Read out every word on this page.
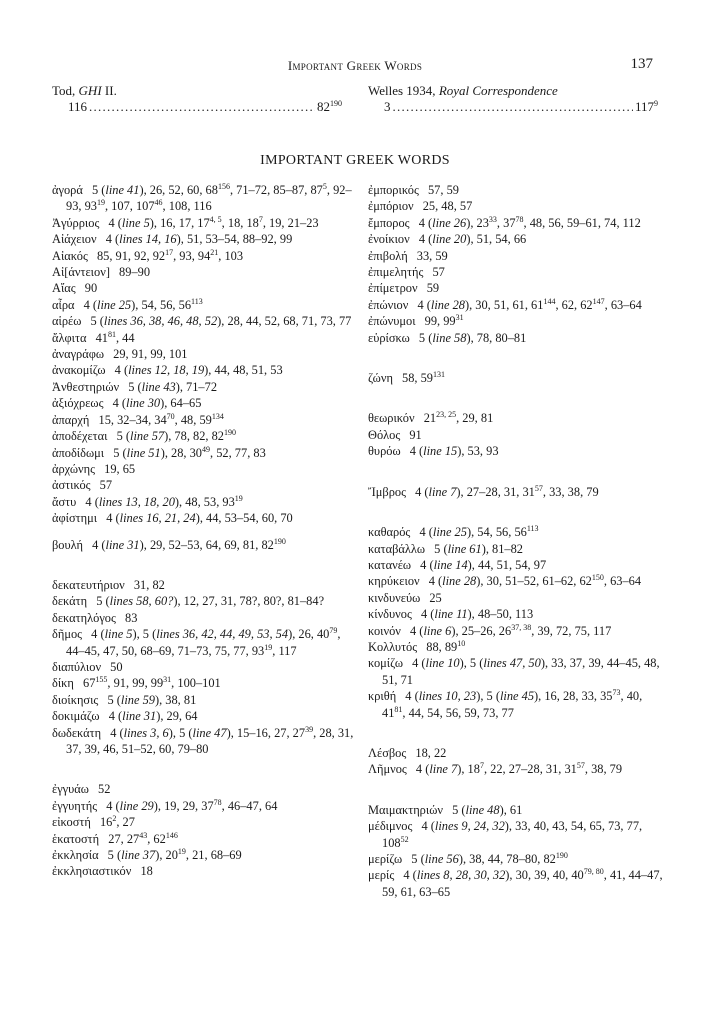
Important Greek Words	137
Tod, GHI II.
116 . . .	$82^{190}$
Welles 1934, Royal Correspondence
3 . . .	$117^9$
IMPORTANT GREEK WORDS

ἀγορά 5 (line 41), 26, 52, 60, $68^{156}$, 71–72, 85–87, $87^5$, 92–93, $93^{19}$, 107, $107^{46}$, 108, 116

Ἀγύρριος 4 (line 5), 16, 17, 17$^{4, 5}$, 18, $18^7$, 19, 21–23

Αἰάχειον 4 (lines 14, 16), 51, 53–54, 88–92, 99

Αἰακός 85, 91, 92, $92^{17}$, 93, $94^{21}$, 103

Αἰ[άντειον] 89–90

Αἴας 90

αἶρα 4 (line 25), 54, 56, $56^{113}$

αἱρέω 5 (lines 36, 38, 46, 48, 52), 28, 44, 52, 68, 71, 73, 77

ἄλφιτα $41^{81}$, 44

ἀναγράφω 29, 91, 99, 101

ἀνακομίζω 4 (lines 12, 18, 19), 44, 48, 51, 53

Ἀνθεστηριών 5 (line 43), 71–72

ἀξιόχρεως 4 (line 30), 64–65

ἀπαρχή 15, 32–34, $34^{70}$, 48, $59^{134}$

ἀποδέχεται 5 (line 57), 78, 82, $82^{190}$

ἀποδίδωμι 5 (line 51), 28, $30^{49}$, 52, 77, 83

ἀρχώνης 19, 65

ἀστικός 57

ἄστυ 4 (lines 13, 18, 20), 48, 53, $93^{19}$

ἀφίστημι 4 (lines 16, 21, 24), 44, 53–54, 60, 70

βουλή 4 (line 31), 29, 52–53, 64, 69, 81, $82^{190}$

δεκατευτήριον 31, 82

δεκάτη 5 (lines 58, 60?), 12, 27, 31, 78?, 80?, 81–84?

δεκατηλόγος 83

δῆμος 4 (line 5), 5 (lines 36, 42, 44, 49, 53, 54), 26, $40^{79}$, 44–45, 47, 50, 68–69, 71–73, 75, 77, $93^{19}$, 117

διαπύλιον 50

δίκη $67^{155}$, 91, 99, $99^{31}$, 100–101

διοίκησις 5 (line 59), 38, 81

δοκιμάζω 4 (line 31), 29, 64

δωδεκάτη 4 (lines 3, 6), 5 (line 47), 15–16, 27, $27^{39}$, 28, 31, 37, 39, 46, 51–52, 60, 79–80

ἐγγυάω 52

ἐγγυητής 4 (line 29), 19, 29, $37^{78}$, 46–47, 64

εἰκοστή $16^2$, 27

ἑκατοστή 27, $27^{43}$, $62^{146}$

ἐκκλησία 5 (line 37), $20^{19}$, 21, 68–69

ἐκκλησιαστικόν 18

ἐμπορικός 57, 59

ἐμπόριον 25, 48, 57

ἔμπορος 4 (line 26), $23^{33}$, $37^{78}$, 48, 56, 59–61, 74, 112

ἐνοίκιον 4 (line 20), 51, 54, 66

ἐπιβολή 33, 59

ἐπιμελητής 57

ἐπίμετρον 59

ἐπώνιον 4 (line 28), 30, 51, 61, $61^{144}$, 62, $62^{147}$, 63–64

ἐπώνυμοι 99, $99^{31}$

εὑρίσκω 5 (line 58), 78, 80–81

ζώνη 58, $59^{131}$

θεωρικόν 21$^{23, 25}$, 29, 81

Θόλος 91

θυρόω 4 (line 15), 53, 93

Ἴμβρος 4 (line 7), 27–28, 31, $31^{57}$, 33, 38, 79

καθαρός 4 (line 25), 54, 56, $56^{113}$

καταβάλλω 5 (line 61), 81–82

κατανέω 4 (line 14), 44, 51, 54, 97

κηρύκειον 4 (line 28), 30, 51–52, 61–62, $62^{150}$, 63–64

κινδυνεύω 25

κίνδυνος 4 (line 11), 48–50, 113

κοινόν 4 (line 6), 25–26, 26$^{37, 38}$, 39, 72, 75, 117

Κολλυτός 88, $89^{10}$

κομίζω 4 (line 10), 5 (lines 47, 50), 33, 37, 39, 44–45, 48, 51, 71

κριθή 4 (lines 10, 23), 5 (line 45), 16, 28, 33, $35^{73}$, 40, $41^{81}$, 44, 54, 56, 59, 73, 77

Λέσβος 18, 22

Λῆμνος 4 (line 7), $18^7$, 22, 27–28, 31, $31^{57}$, 38, 79

Μαιμακτηριών 5 (line 48), 61

μέδιμνος 4 (lines 9, 24, 32), 33, 40, 43, 54, 65, 73, 77, $108^{52}$

μερίζω 5 (line 56), 38, 44, 78–80, $82^{190}$

μερίς 4 (lines 8, 28, 30, 32), 30, 39, 40, 40$^{79, 80}$, 41, 44–47, 59, 61, 63–65
